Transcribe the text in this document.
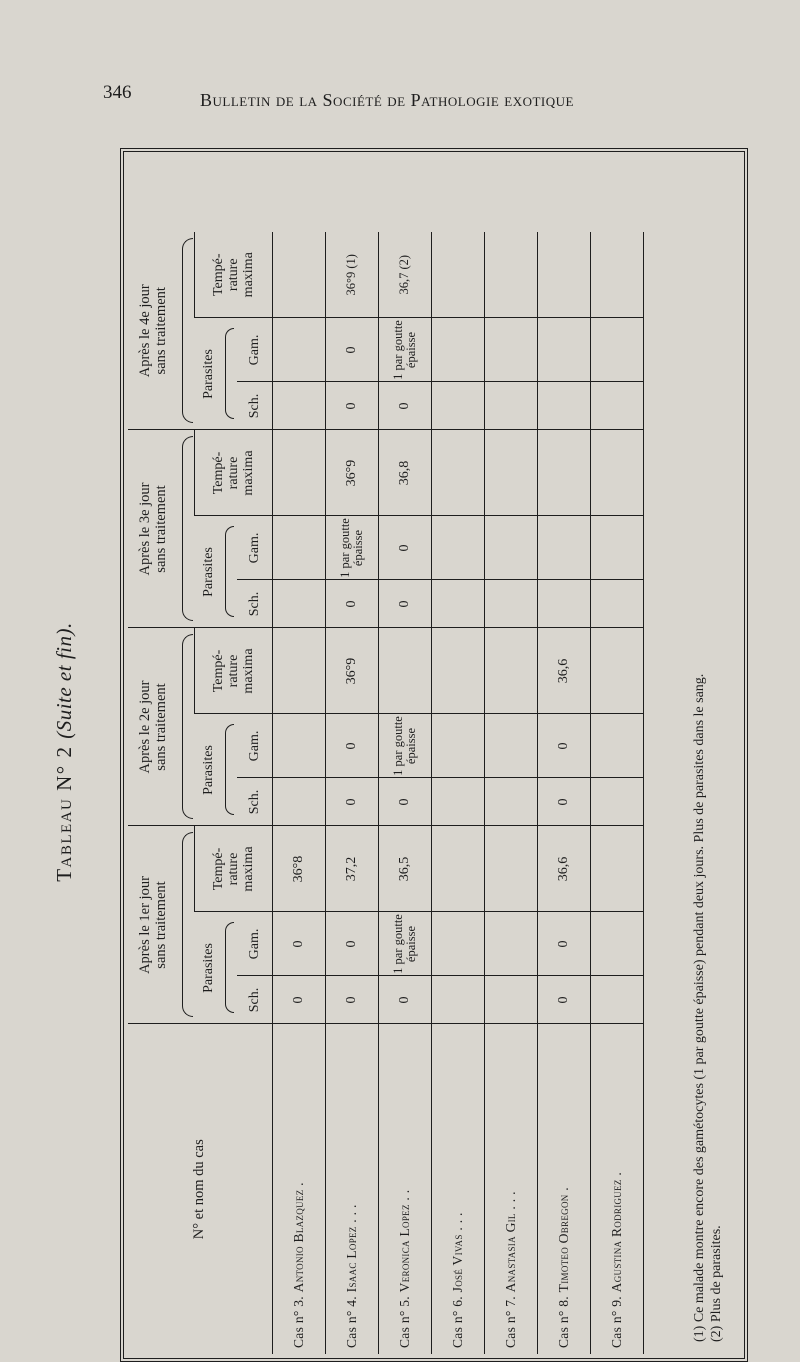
346	Bulletin de la Société de Pathologie exotique
Tableau N° 2 (Suite et fin).
N° et nom du cas	Après le 1er jour
sans traitement			Après le 2e jour
sans traitement			Après le 3e jour
sans traitement			Après le 4e jour
sans traitement		

	Parasites		Tempé-
rature
maxima	Parasites		Tempé-
rature
maxima	Parasites		Tempé-
rature
maxima	Parasites		Tempé-
rature
maxima

	Sch.	Gam.		Sch.	Gam.		Sch.	Gam.		Sch.	Gam.	
Cas n° 3. Antonio Blazquez .	0	0	36°8									
Cas n° 4. Isaac Lopez . . .	0	0	37,2	0	0	36°9	0	1 par goutte épaisse	36°9	0	0	36°9 (1)
Cas n° 5. Veronica Lopez . .	0	1 par goutte épaisse	36,5	0	1 par goutte épaisse		0	0	36,8	0	1 par goutte épaisse	36,7 (2)
Cas n° 6. José Vivas . . .												
Cas n° 7. Anastasia Gil . . .												
Cas n° 8. Timoteo Obregon .	0	0	36,6	0	0	36,6						
Cas n° 9. Agustina Rodriguez .													(1) Ce malade montre encore des gamétocytes (1 par goutte épaisse) pendant deux jours. Plus de parasites dans le sang. (2) Plus de parasites.
